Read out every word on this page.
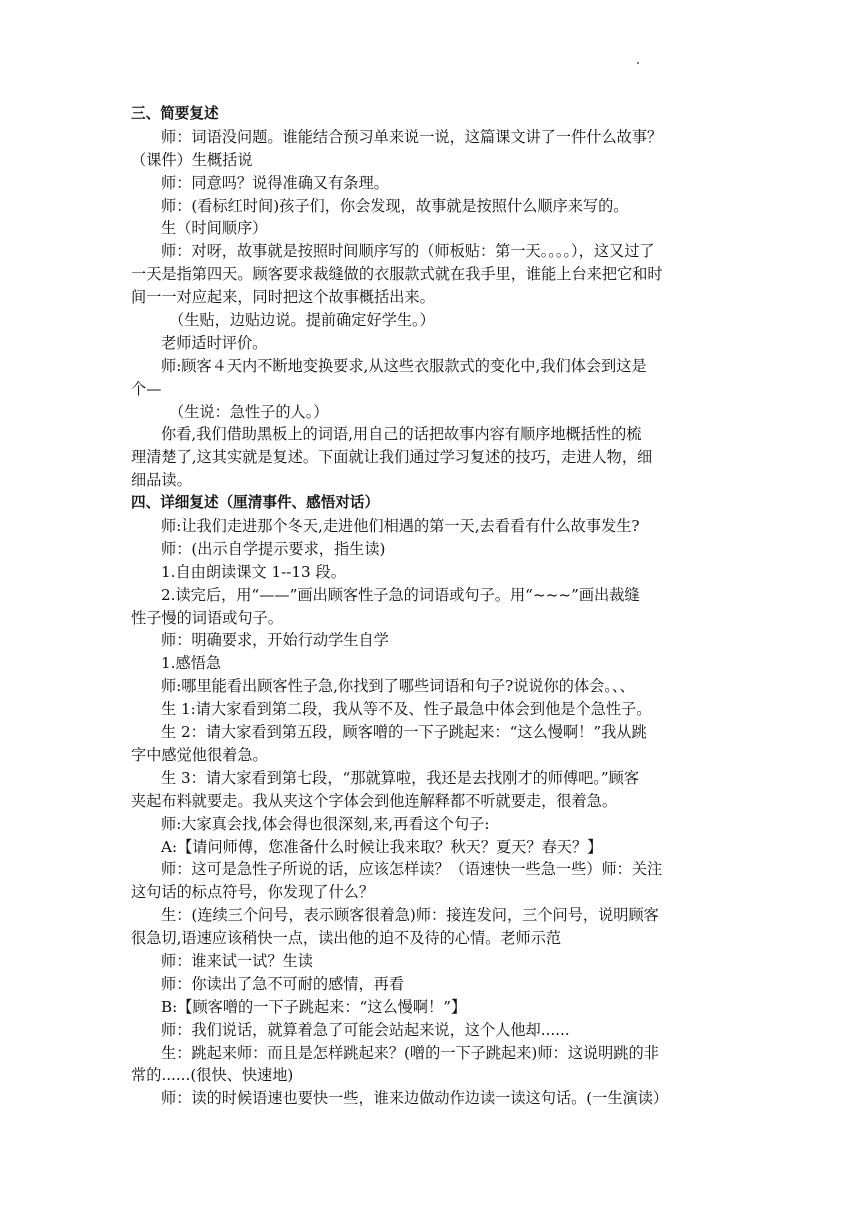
三、简要复述
师：词语没问题。谁能结合预习单来说一说，这篇课文讲了一件什么故事？
（课件）生概括说
师：同意吗？说得准确又有条理。
师：(看标红时间)孩子们，你会发现，故事就是按照什么顺序来写的。
生（时间顺序）
师：对呀，故事就是按照时间顺序写的（师板贴：第一天。。。。），这又过了
一天是指第四天。顾客要求裁缝做的衣服款式就在我手里，谁能上台来把它和时
间一一对应起来，同时把这个故事概括出来。
（生贴，边贴边说。提前确定好学生。）
老师适时评价。
师:顾客４天内不断地变换要求,从这些衣服款式的变化中,我们体会到这是
个—
（生说：急性子的人。）
你看,我们借助黑板上的词语,用自己的话把故事内容有顺序地概括性的梳
理清楚了,这其实就是复述。下面就让我们通过学习复述的技巧，走进人物，细
细品读。
四、详细复述（厘清事件、感悟对话）
师:让我们走进那个冬天,走进他们相遇的第一天,去看看有什么故事发生?
师：(出示自学提示要求，指生读)
1.自由朗读课文 1--13 段。
2.读完后，用“——”画出顾客性子急的词语或句子。用“~~~”画出裁缝
性子慢的词语或句子。
师：明确要求，开始行动学生自学
1.感悟急
师:哪里能看出顾客性子急,你找到了哪些词语和句子?说说你的体会。、、
生 1:请大家看到第二段，我从等不及、性子最急中体会到他是个急性子。
生 2：请大家看到第五段，顾客噌的一下子跳起来：“这么慢啊！”我从跳
字中感觉他很着急。
生 3：请大家看到第七段，“那就算啦，我还是去找刚才的师傅吧。”顾客
夹起布料就要走。我从夹这个字体会到他连解释都不听就要走，很着急。
师:大家真会找,体会得也很深刻,来,再看这个句子:
A:【请问师傅，您准备什么时候让我来取？秋天？夏天？春天？】
师：这可是急性子所说的话，应该怎样读？（语速快一些急一些）师：关注
这句话的标点符号，你发现了什么？
生：(连续三个问号，表示顾客很着急)师：接连发问，三个问号，说明顾客
很急切,语速应该稍快一点，读出他的迫不及待的心情。老师示范
师：谁来试一试？生读
师：你读出了急不可耐的感情，再看
B:【顾客噌的一下子跳起来：“这么慢啊！”】
师：我们说话，就算着急了可能会站起来说，这个人他却......
生：跳起来师：而且是怎样跳起来？(噌的一下子跳起来)师：这说明跳的非
常的......(很快、快速地)
师：读的时候语速也要快一些，谁来边做动作边读一读这句话。(一生演读）
